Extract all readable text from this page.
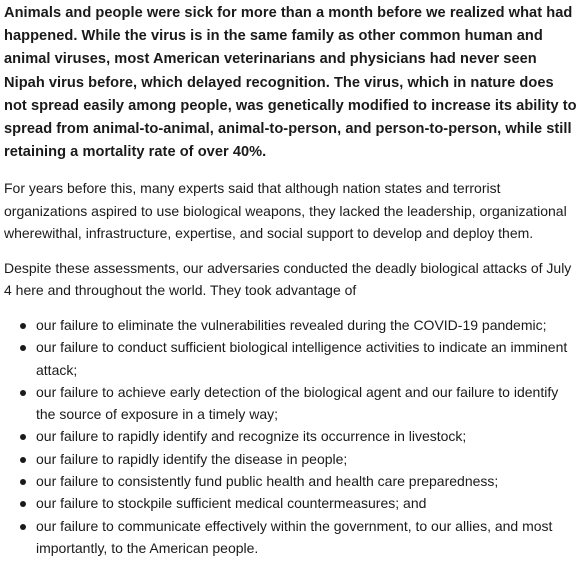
Animals and people were sick for more than a month before we realized what had happened. While the virus is in the same family as other common human and animal viruses, most American veterinarians and physicians had never seen Nipah virus before, which delayed recognition. The virus, which in nature does not spread easily among people, was genetically modified to increase its ability to spread from animal-to-animal, animal-to-person, and person-to-person, while still retaining a mortality rate of over 40%.

For years before this, many experts said that although nation states and terrorist organizations aspired to use biological weapons, they lacked the leadership, organizational wherewithal, infrastructure, expertise, and social support to develop and deploy them.

Despite these assessments, our adversaries conducted the deadly biological attacks of July 4 here and throughout the world. They took advantage of

our failure to eliminate the vulnerabilities revealed during the COVID-19 pandemic;
our failure to conduct sufficient biological intelligence activities to indicate an imminent attack;
our failure to achieve early detection of the biological agent and our failure to identify the source of exposure in a timely way;
our failure to rapidly identify and recognize its occurrence in livestock;
our failure to rapidly identify the disease in people;
our failure to consistently fund public health and health care preparedness;
our failure to stockpile sufficient medical countermeasures; and
our failure to communicate effectively within the government, to our allies, and most importantly, to the American people.
